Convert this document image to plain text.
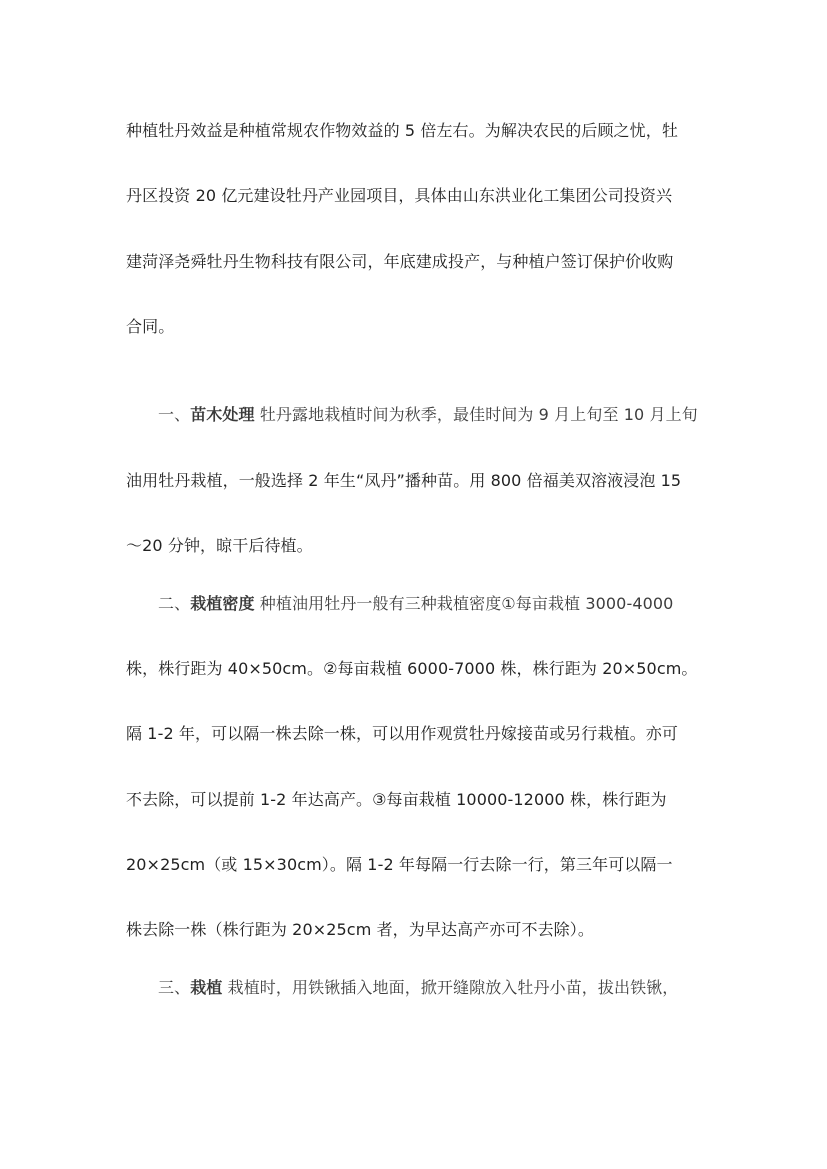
种植牡丹效益是种植常规农作物效益的 5 倍左右。为解决农民的后顾之忧，牡
丹区投资 20 亿元建设牡丹产业园项目，具体由山东洪业化工集团公司投资兴
建菏泽尧舜牡丹生物科技有限公司，年底建成投产，与种植户签订保护价收购
合同。
一、苗木处理 牡丹露地栽植时间为秋季，最佳时间为 9 月上旬至 10 月上旬
油用牡丹栽植，一般选择 2 年生“凤丹”播种苗。用 800 倍福美双溶液浸泡 15
～20 分钟，晾干后待植。
二、栽植密度 种植油用牡丹一般有三种栽植密度①每亩栽植 3000-4000
株，株行距为 40×50cm。②每亩栽植 6000-7000 株，株行距为 20×50cm。
隔 1-2 年，可以隔一株去除一株，可以用作观赏牡丹嫁接苗或另行栽植。亦可
不去除，可以提前 1-2 年达高产。③每亩栽植 10000-12000 株，株行距为
20×25cm（或 15×30cm）。隔 1-2 年每隔一行去除一行，第三年可以隔一
株去除一株（株行距为 20×25cm 者，为早达高产亦可不去除）。
三、栽植 栽植时，用铁锹插入地面，掀开缝隙放入牡丹小苗，拔出铁锹，
